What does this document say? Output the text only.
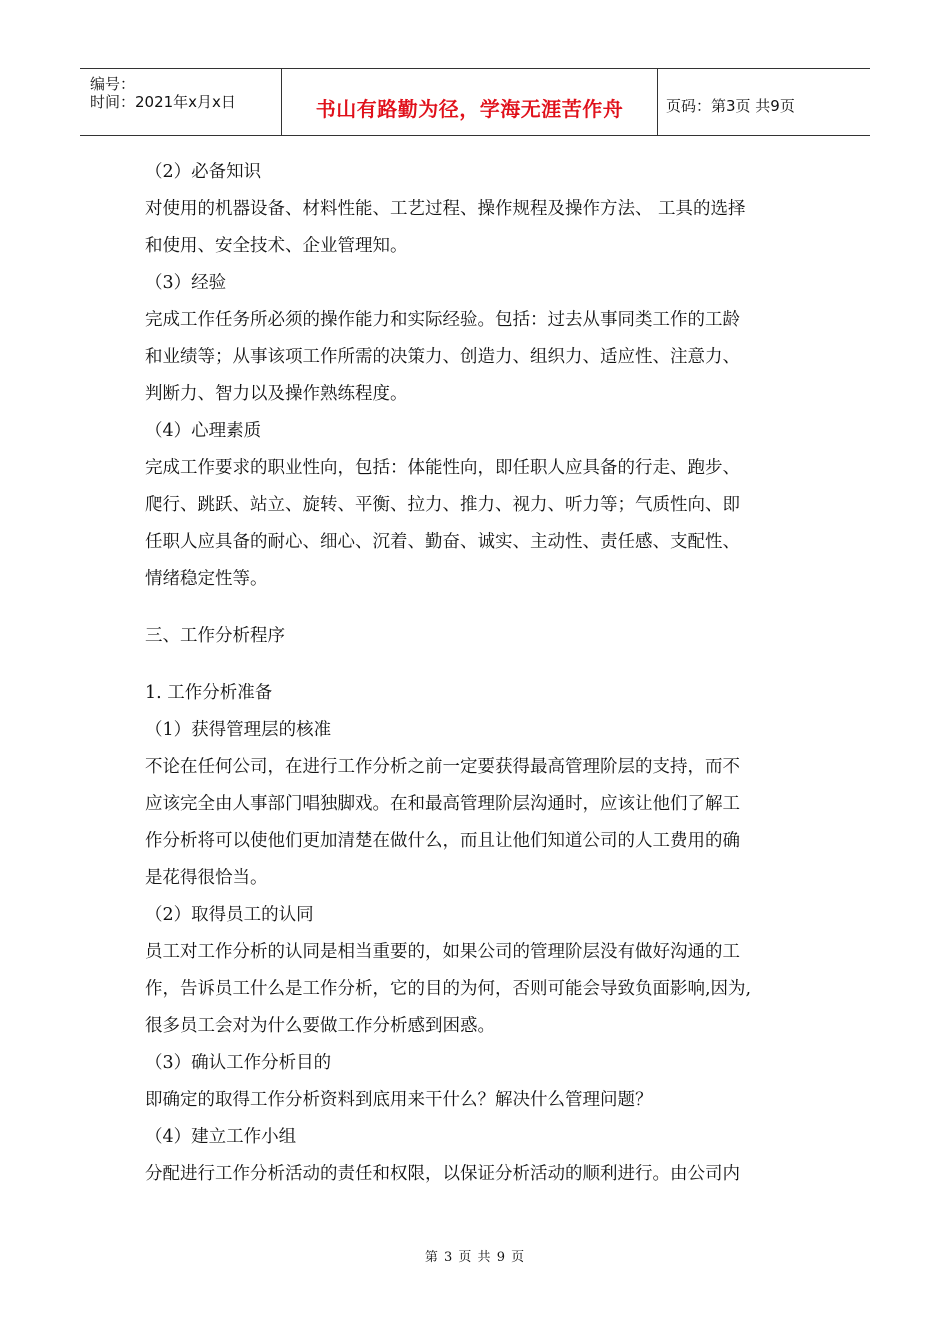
编号：
时间：2021年x月x日	书山有路勤为径，学海无涯苦作舟	页码：第3页 共9页
（2）必备知识
对使用的机器设备、材料性能、工艺过程、操作规程及操作方法、 工具的选择
和使用、安全技术、企业管理知。
（3）经验
完成工作任务所必须的操作能力和实际经验。包括：过去从事同类工作的工龄
和业绩等；从事该项工作所需的决策力、创造力、组织力、适应性、注意力、
判断力、智力以及操作熟练程度。
（4）心理素质
完成工作要求的职业性向，包括：体能性向，即任职人应具备的行走、跑步、
爬行、跳跃、站立、旋转、平衡、拉力、推力、视力、听力等；气质性向、即
任职人应具备的耐心、细心、沉着、勤奋、诚实、主动性、责任感、支配性、
情绪稳定性等。
三、工作分析程序
1. 工作分析准备
（1）获得管理层的核准
不论在任何公司，在进行工作分析之前一定要获得最高管理阶层的支持，而不
应该完全由人事部门唱独脚戏。在和最高管理阶层沟通时，应该让他们了解工
作分析将可以使他们更加清楚在做什么，而且让他们知道公司的人工费用的确
是花得很恰当。
（2）取得员工的认同
员工对工作分析的认同是相当重要的，如果公司的管理阶层没有做好沟通的工
作，告诉员工什么是工作分析，它的目的为何，否则可能会导致负面影响,因为,
很多员工会对为什么要做工作分析感到困惑。
（3）确认工作分析目的
即确定的取得工作分析资料到底用来干什么？解决什么管理问题？
（4）建立工作小组
分配进行工作分析活动的责任和权限，以保证分析活动的顺利进行。由公司内
第 3 页 共 9 页
